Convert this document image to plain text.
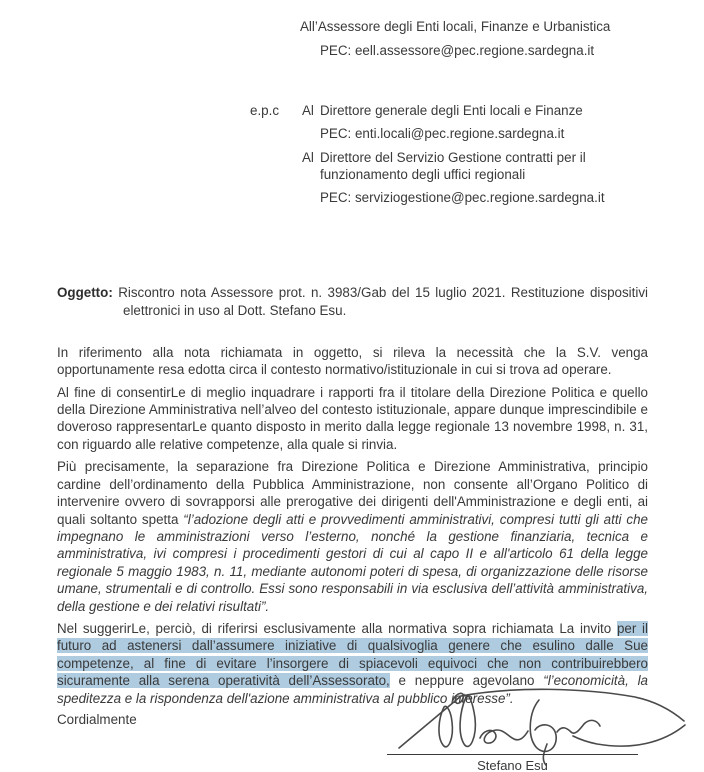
All’Assessore degli Enti locali, Finanze e Urbanistica
PEC: eell.assessore@pec.regione.sardegna.it
e.p.c	Al Direttore generale degli Enti locali e Finanze
PEC: enti.locali@pec.regione.sardegna.it
Al Direttore del Servizio Gestione contratti per il funzionamento degli uffici regionali
PEC: serviziogestione@pec.regione.sardegna.it
Oggetto: Riscontro nota Assessore prot. n. 3983/Gab del 15 luglio 2021. Restituzione dispositivi elettronici in uso al Dott. Stefano Esu.

In riferimento alla nota richiamata in oggetto, si rileva la necessità che la S.V. venga opportunamente resa edotta circa il contesto normativo/istituzionale in cui si trova ad operare.

Al fine di consentirLe di meglio inquadrare i rapporti fra il titolare della Direzione Politica e quello della Direzione Amministrativa nell’alveo del contesto istituzionale, appare dunque imprescindibile e doveroso rappresentarLe quanto disposto in merito dalla legge regionale 13 novembre 1998, n. 31, con riguardo alle relative competenze, alla quale si rinvia.

Più precisamente, la separazione fra Direzione Politica e Direzione Amministrativa, principio cardine dell’ordinamento della Pubblica Amministrazione, non consente all’Organo Politico di intervenire ovvero di sovrapporsi alle prerogative dei dirigenti dell'Amministrazione e degli enti, ai quali soltanto spetta “l’adozione degli atti e provvedimenti amministrativi, compresi tutti gli atti che impegnano le amministrazioni verso l’esterno, nonché la gestione finanziaria, tecnica e amministrativa, ivi compresi i procedimenti gestori di cui al capo II e all'articolo 61 della legge regionale 5 maggio 1983, n. 11, mediante autonomi poteri di spesa, di organizzazione delle risorse umane, strumentali e di controllo. Essi sono responsabili in via esclusiva dell’attività amministrativa, della gestione e dei relativi risultati”.

Nel suggerirLe, perciò, di riferirsi esclusivamente alla normativa sopra richiamata La invito per il futuro ad astenersi dall’assumere iniziative di qualsivoglia genere che esulino dalle Sue competenze, al fine di evitare l’insorgere di spiacevoli equivoci che non contribuirebbero sicuramente alla serena operatività dell’Assessorato, e neppure agevolano “l’economicità, la speditezza e la rispondenza dell'azione amministrativa al pubblico interesse”.

Cordialmente

Stefano Esu
